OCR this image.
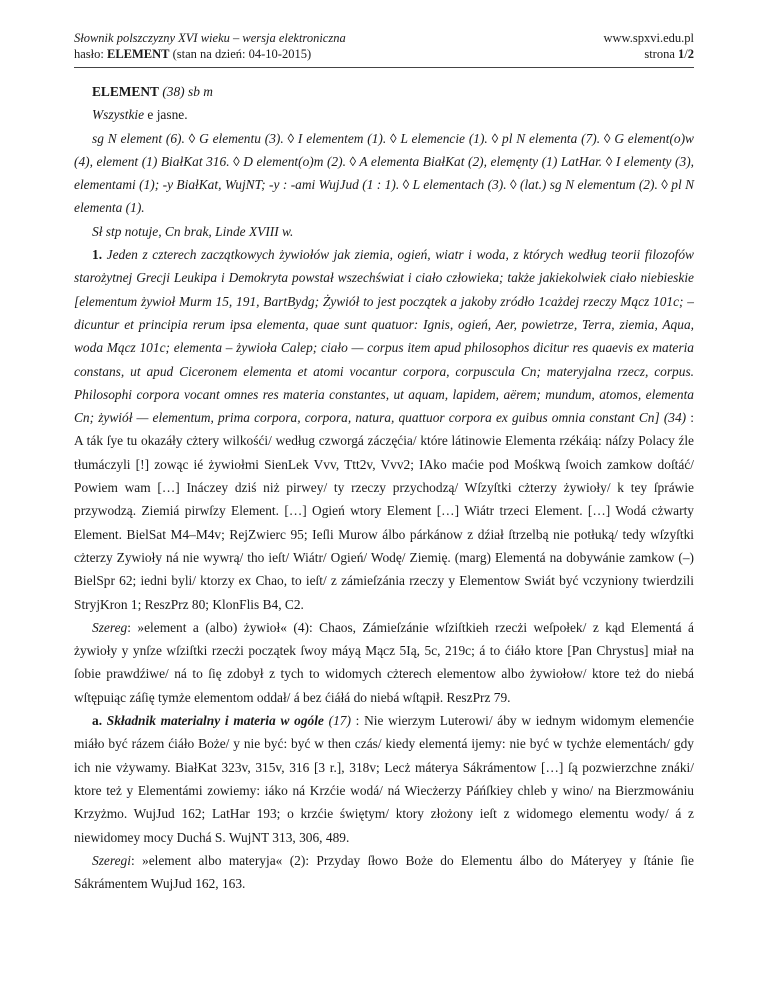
Słownik polszczyzny XVI wieku – wersja elektroniczna
hasło: ELEMENT (stan na dzień: 04-10-2015)
www.spxvi.edu.pl
strona 1/2

ELEMENT (38) sb m

Wszystkie e jasne.

sg N element (6). ◊ G elementu (3). ◊ I elementem (1). ◊ L elemencie (1). ◊ pl N elementa (7). ◊ G element(o)w (4), element (1) BiałKat 316. ◊ D element(o)m (2). ◊ A elementa BiałKat (2), elemęnty (1) LatHar. ◊ I elementy (3), elementami (1); -y BiałKat, WujNT; -y : -ami WujJud (1 : 1). ◊ L elementach (3). ◊ (lat.) sg N elementum (2). ◊ pl N elementa (1).

Sł stp notuje, Cn brak, Linde XVIII w.

1. Jeden z czterech zaczątkowych żywiołów jak ziemia, ogień, wiatr i woda, z których według teorii filozofów starożytnej Grecji Leukipa i Demokryta powstał wszechświat i ciało człowieka; także jakiekolwiek ciało niebieskie [elementum żywioł Murm 15, 191, BartBydg; Żywiół to jest początek a jakoby zródło 1cażdej rzeczy Mącz 101c; – dicuntur et principia rerum ipsa elementa, quae sunt quatuor: Ignis, ogień, Aer, powietrze, Terra, ziemia, Aqua, woda Mącz 101c; elementa – żywioła Calep; ciało — corpus item apud philosophos dicitur res quaevis ex materia constans, ut apud Ciceronem elementa et atomi vocantur corpora, corpuscula Cn; materyjalna rzecz, corpus. Philosophi corpora vocant omnes res materia constantes, ut aquam, lapidem, aërem; mundum, atomos, elementa Cn; żywiół — elementum, prima corpora, corpora, natura, quattuor corpora ex guibus omnia constant Cn] (34) : A ták ſye tu okazáły cżtery wilkośći/ według czworgá záczęćia/ które látinowie Elementa rzékáią: náſzy Polacy źle tłumáczyli [!] zowąc ié żywiołmi SienLek Vvv, Ttt2v, Vvv2; IAko maćie pod Mośkwą ſwoich zamkow doſtáć/ Powiem wam […] Ináczey dziś niż pirwey/ ty rzeczy przychodzą/ Wſzyſtki cżterzy żywioły/ k tey ſpráwie przywodzą. Ziemiá pirwſzy Element. […] Ogień wtory Element […] Wiátr trzeci Element. […] Wodá cżwarty Element. BielSat M4–M4v; RejZwierc 95; Ieſli Murow álbo párkánow z dźiał ſtrzelbą nie potłuką/ tedy wſzyſtki cżterzy Zywioły ná nie wywrą/ tho ieſt/ Wiátr/ Ogień/ Wodę/ Ziemię. (marg) Elementá na dobywánie zamkow (–) BielSpr 62; iedni byli/ ktorzy ex Chao, to ieſt/ z zámieſzánia rzeczy y Elementow Swiát być vczyniony twierdzili StryjKron 1; ReszPrz 80; KlonFlis B4, C2.

Szereg: »element a (albo) żywioł« (4): Chaos, Zámieſzánie wſziſtkieh rzecżi weſpołek/ z kąd Elementá á żywioły y ynſze wſziſtki rzecżi początek ſwoy máyą Mącz 5Ią, 5c, 219c; á to ćiáło ktore [Pan Chrystus] miał na ſobie prawdźiwe/ ná to ſię zdobył z tych to widomych cżterech elementow albo żywiołow/ ktore też do niebá wſtępuiąc záſię tymże elementom oddał/ á bez ćiáłá do niebá wſtąpił. ReszPrz 79.

a. Składnik materialny i materia w ogóle (17) : Nie wierzym Luterowi/ áby w iednym widomym elemenćie miáło być rázem ćiáło Boże/ y nie być: być w then czás/ kiedy elementá ijemy: nie być w tychże elementách/ gdy ich nie vżywamy. BiałKat 323v, 315v, 316 [3 r.], 318v; Lecż máterya Sákrámentow […] ſą pozwierzchne znáki/ ktore też y Elementámi zowiemy: iáko ná Krzćie wodá/ ná Wiecżerzy Páńſkiey chleb y wino/ na Bierzmowániu Krzyżmo. WujJud 162; LatHar 193; o krzćie świętym/ ktory złożony ieſt z widomego elementu wody/ á z niewidomey mocy Duchá S. WujNT 313, 306, 489.

Szeregi: »element albo materyja« (2): Przyday ſłowo Boże do Elementu álbo do Máteryey y ſtánie ſie Sákrámentem WujJud 162, 163.
